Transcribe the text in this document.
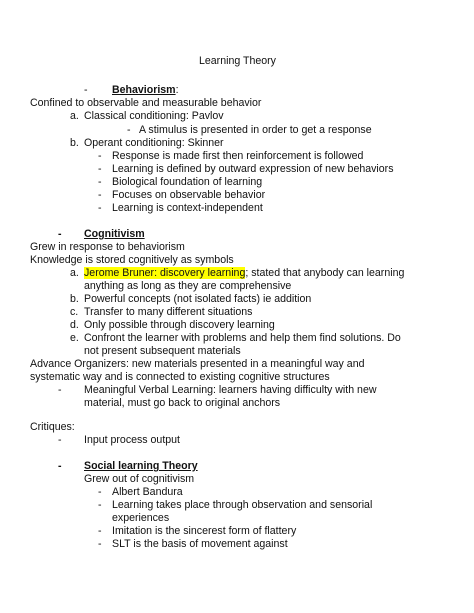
Learning Theory
- Behaviorism:
Confined to observable and measurable behavior
a. Classical conditioning: Pavlov
- A stimulus is presented in order to get a response
b. Operant conditioning: Skinner
- Response is made first then reinforcement is followed
- Learning is defined by outward expression of new behaviors
- Biological foundation of learning
- Focuses on observable behavior
- Learning is context-independent
- Cognitivism
Grew in response to behaviorism
Knowledge is stored cognitively as symbols
a. Jerome Bruner: discovery learning; stated that anybody can learning
anything as long as they are comprehensive
b. Powerful concepts (not isolated facts) ie addition
c. Transfer to many different situations
d. Only possible through discovery learning
e. Confront the learner with problems and help them find solutions. Do
not present subsequent materials
Advance Organizers: new materials presented in a meaningful way and
systematic way and is connected to existing cognitive structures
- Meaningful Verbal Learning: learners having difficulty with new
material, must go back to original anchors
Critiques:
- Input process output
- Social learning Theory
Grew out of cognitivism
- Albert Bandura
- Learning takes place through observation and sensorial
experiences
- Imitation is the sincerest form of flattery
- SLT is the basis of movement against
